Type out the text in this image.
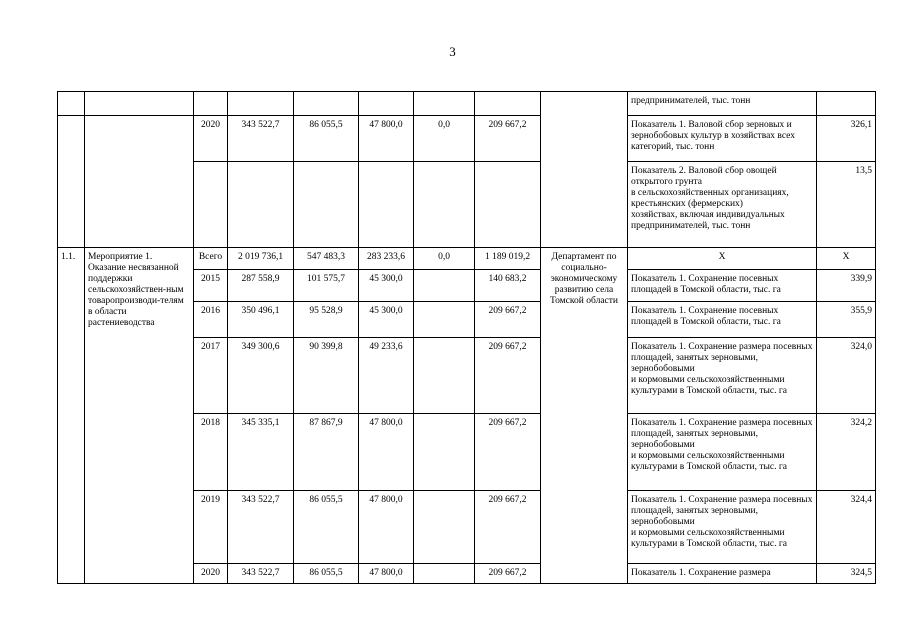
3
									предпринимателей, тыс. тонн	
		2020	343 522,7	86 055,5	47 800,0	0,0	209 667,2		Показатель 1. Валовой сбор зерновых и зернобобовых культур в хозяйствах всех категорий, тыс. тонн	326,1
									Показатель 2. Валовой сбор овощей открытого грунта
в сельскохозяйственных организациях, крестьянских (фермерских)
хозяйствах, включая индивидуальных предпринимателей, тыс. тонн	13,5
1.1.	Мероприятие 1. Оказание несвязанной поддержки сельскохозяйствен-ным товаропроизводи-телям в области растениеводства	Всего	2 019 736,1	547 483,3	283 233,6	0,0	1 189 019,2	Департамент по социально-экономическому развитию села Томской области	Х	Х
		2015	287 558,9	101 575,7	45 300,0		140 683,2		Показатель 1. Сохранение посевных площадей в Томской области, тыс. га	339,9
		2016	350 496,1	95 528,9	45 300,0		209 667,2		Показатель 1. Сохранение посевных площадей в Томской области, тыс. га	355,9
		2017	349 300,6	90 399,8	49 233,6		209 667,2		Показатель 1. Сохранение размера посевных площадей, занятых зерновыми, зернобобовыми
и кормовыми сельскохозяйственными культурами в Томской области, тыс. га	324,0
		2018	345 335,1	87 867,9	47 800,0		209 667,2		Показатель 1. Сохранение размера посевных площадей, занятых зерновыми, зернобобовыми
и кормовыми сельскохозяйственными культурами в Томской области, тыс. га	324,2
		2019	343 522,7	86 055,5	47 800,0		209 667,2		Показатель 1. Сохранение размера посевных площадей, занятых зерновыми, зернобобовыми
и кормовыми сельскохозяйственными культурами в Томской области, тыс. га	324,4
		2020	343 522,7	86 055,5	47 800,0		209 667,2		Показатель 1. Сохранение размера	324,5
